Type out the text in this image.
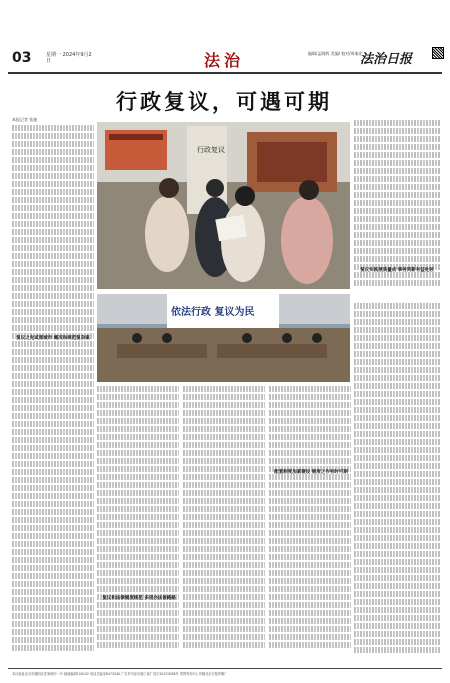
03	星期一 2024年9月2日	法治	编辑/孟晓辉 美编/ 校对/周秦宏
法治日报
行政复议，可遇可期
本报记者 张驰
复议之先试席城市 概况和规范复杂案
复议和法律制度规范 多项办法普路路
配套制度加紧建设 制度之作有时可期
复议实践展质量成 事务同新有益处较
行政复议
依法行政 复议为民
本社址址北京市朝阳区花家地甲一号 邮政编码100102 电话总编室8473340 广告许可证京朝工商广登字20170058号 零售每份2元 印刷北京日报印刷厂
